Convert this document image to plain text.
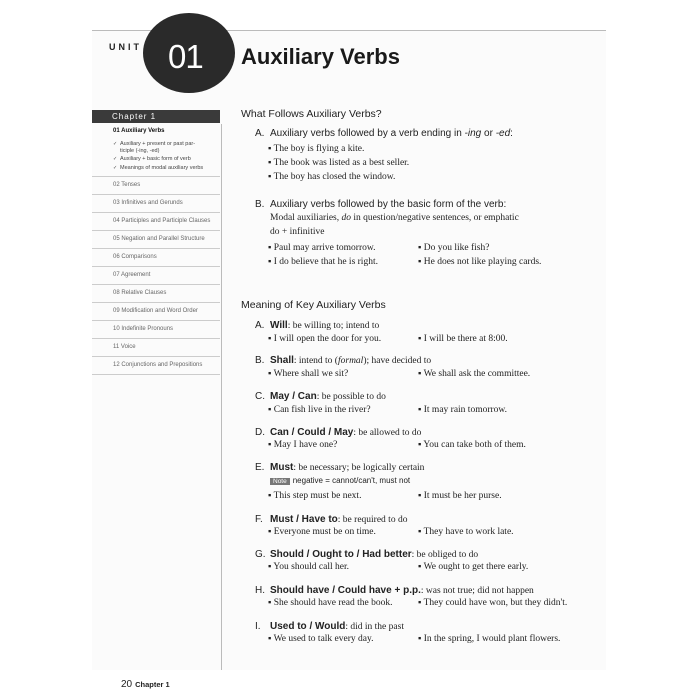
UNIT 01 Auxiliary Verbs
Chapter 1
01 Auxiliary Verbs
✓ Auxiliary + present or past par-
ticiple (-ing, -ed)
✓ Auxiliary + basic form of verb
✓ Meanings of modal auxiliary verbs
02 Tenses
03 Infinitives and Gerunds
04 Participles and Participle Clauses
05 Negation and Parallel Structure
06 Comparisons
07 Agreement
08 Relative Clauses
09 Modification and Word Order
10 Indefinite Pronouns
11 Voice
12 Conjunctions and Prepositions
What Follows Auxiliary Verbs?
A. Auxiliary verbs followed by a verb ending in -ing or -ed:
▪ The boy is flying a kite.
▪ The book was listed as a best seller.
▪ The boy has closed the window.
B. Auxiliary verbs followed by the basic form of the verb:
Modal auxiliaries, do in question/negative sentences, or emphatic
do + infinitive
▪ Paul may arrive tomorrow.	▪ Do you like fish?
▪ I do believe that he is right.	▪ He does not like playing cards.
Meaning of Key Auxiliary Verbs
A. Will: be willing to; intend to
▪ I will open the door for you.	▪ I will be there at 8:00.
B. Shall: intend to (formal); have decided to
▪ Where shall we sit?	▪ We shall ask the committee.
C. May / Can: be possible to do
▪ Can fish live in the river?	▪ It may rain tomorrow.
D. Can / Could / May: be allowed to do
▪ May I have one?	▪ You can take both of them.
E. Must: be necessary; be logically certain
Note negative = cannot/can't, must not
▪ This step must be next.	▪ It must be her purse.
F. Must / Have to: be required to do
▪ Everyone must be on time.	▪ They have to work late.
G. Should / Ought to / Had better: be obliged to do
▪ You should call her.	▪ We ought to get there early.
H. Should have / Could have + p.p.: was not true; did not happen
▪ She should have read the book.	▪ They could have won, but they didn't.
I. Used to / Would: did in the past
▪ We used to talk every day.	▪ In the spring, I would plant flowers.
20 Chapter 1
